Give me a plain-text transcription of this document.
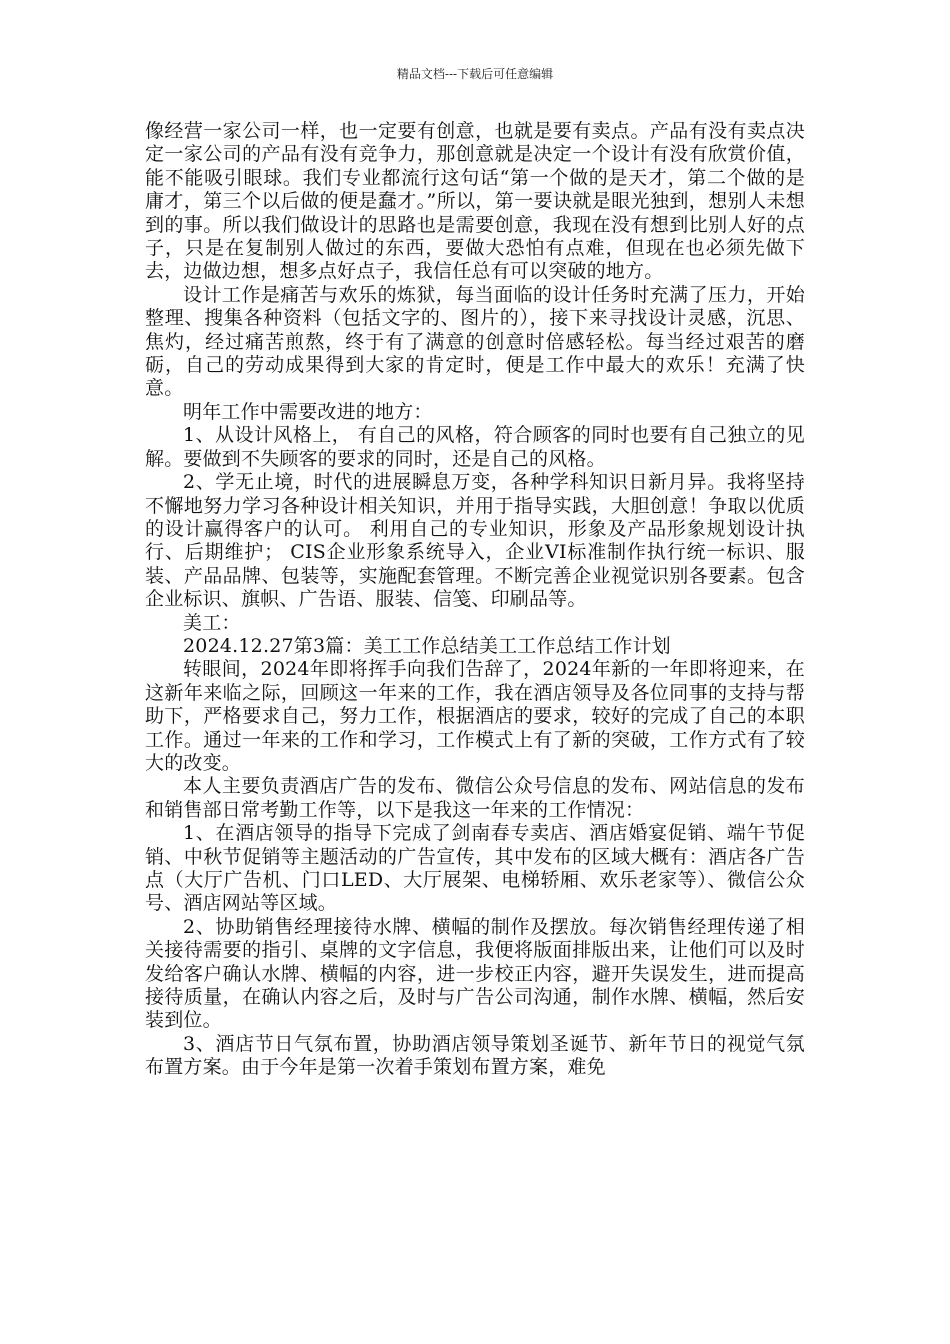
精品文档---下载后可任意编辑

像经营一家公司一样，也一定要有创意，也就是要有卖点。产品有没有卖点决定一家公司的产品有没有竞争力，那创意就是决定一个设计有没有欣赏价值，能不能吸引眼球。我们专业都流行这句话“第一个做的是天才，第二个做的是庸才，第三个以后做的便是蠢才。”所以，第一要诀就是眼光独到，想别人未想到的事。所以我们做设计的思路也是需要创意，我现在没有想到比别人好的点子，只是在复制别人做过的东西，要做大恐怕有点难，但现在也必须先做下去，边做边想，想多点好点子，我信任总有可以突破的地方。

设计工作是痛苦与欢乐的炼狱，每当面临的设计任务时充满了压力，开始整理、搜集各种资料（包括文字的、图片的），接下来寻找设计灵感，沉思、焦灼，经过痛苦煎熬，终于有了满意的创意时倍感轻松。每当经过艰苦的磨砺，自己的劳动成果得到大家的肯定时，便是工作中最大的欢乐！充满了快意。

明年工作中需要改进的地方：

1、从设计风格上， 有自己的风格，符合顾客的同时也要有自己独立的见解。要做到不失顾客的要求的同时，还是自己的风格。

2、学无止境，时代的进展瞬息万变，各种学科知识日新月异。我将坚持不懈地努力学习各种设计相关知识，并用于指导实践，大胆创意！争取以优质的设计赢得客户的认可。 利用自己的专业知识，形象及产品形象规划设计执行、后期维护； CIS企业形象系统导入，企业VI标准制作执行统一标识、服装、产品品牌、包装等，实施配套管理。不断完善企业视觉识别各要素。包含企业标识、旗帜、广告语、服装、信笺、印刷品等。

美工：

2024.12.27第3篇：美工工作总结美工工作总结工作计划

转眼间，2024年即将挥手向我们告辞了，2024年新的一年即将迎来，在这新年来临之际，回顾这一年来的工作，我在酒店领导及各位同事的支持与帮助下，严格要求自己，努力工作，根据酒店的要求，较好的完成了自己的本职工作。通过一年来的工作和学习，工作模式上有了新的突破，工作方式有了较大的改变。

本人主要负责酒店广告的发布、微信公众号信息的发布、网站信息的发布和销售部日常考勤工作等，以下是我这一年来的工作情况：

1、在酒店领导的指导下完成了剑南春专卖店、酒店婚宴促销、端午节促销、中秋节促销等主题活动的广告宣传，其中发布的区域大概有：酒店各广告点（大厅广告机、门口LED、大厅展架、电梯轿厢、欢乐老家等）、微信公众号、酒店网站等区域。

2、协助销售经理接待水牌、横幅的制作及摆放。每次销售经理传递了相关接待需要的指引、桌牌的文字信息，我便将版面排版出来，让他们可以及时发给客户确认水牌、横幅的内容，进一步校正内容，避开失误发生，进而提高接待质量，在确认内容之后，及时与广告公司沟通，制作水牌、横幅，然后安装到位。

3、酒店节日气氛布置，协助酒店领导策划圣诞节、新年节日的视觉气氛布置方案。由于今年是第一次着手策划布置方案，难免
